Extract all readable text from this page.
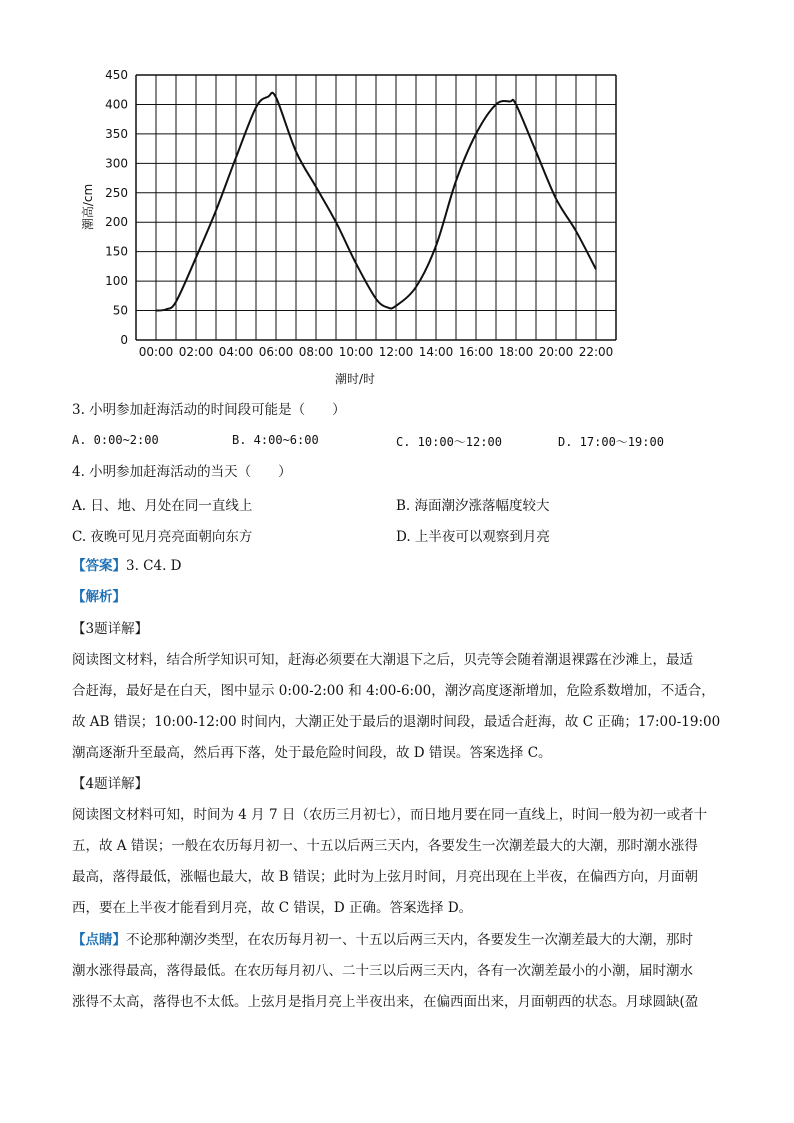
0
50
100
150
200
250
300
350
400
450
00:00 02:00 04:00 06:00 08:00 10:00 12:00 14:00 16:00 18:00 20:00 22:00
潮高/cm
潮时/时
3. 小明参加赶海活动的时间段可能是（　　）
A. 0:00~2:00	B. 4:00~6:00	C. 10:00～12:00	D. 17:00～19:00
4. 小明参加赶海活动的当天（　　）
A. 日、地、月处在同一直线上	B. 海面潮汐涨落幅度较大
C. 夜晚可见月亮亮面朝向东方	D. 上半夜可以观察到月亮
【答案】3. C4. D
【解析】
【3题详解】
阅读图文材料，结合所学知识可知，赶海必须要在大潮退下之后，贝壳等会随着潮退裸露在沙滩上，最适
合赶海，最好是在白天，图中显示 0:00-2:00 和 4:00-6:00，潮汐高度逐渐增加，危险系数增加，不适合，
故 AB 错误；10:00-12:00 时间内，大潮正处于最后的退潮时间段，最适合赶海，故 C 正确；17:00-19:00
潮高逐渐升至最高，然后再下落，处于最危险时间段，故 D 错误。答案选择 C。
【4题详解】
阅读图文材料可知，时间为 4 月 7 日（农历三月初七），而日地月要在同一直线上，时间一般为初一或者十
五，故 A 错误；一般在农历每月初一、十五以后两三天内，各要发生一次潮差最大的大潮，那时潮水涨得
最高，落得最低，涨幅也最大，故 B 错误；此时为上弦月时间，月亮出现在上半夜，在偏西方向，月面朝
西，要在上半夜才能看到月亮，故 C 错误，D 正确。答案选择 D。
【点睛】不论那种潮汐类型，在农历每月初一、十五以后两三天内，各要发生一次潮差最大的大潮，那时
潮水涨得最高，落得最低。在农历每月初八、二十三以后两三天内，各有一次潮差最小的小潮，届时潮水
涨得不太高，落得也不太低。上弦月是指月亮上半夜出来，在偏西面出来，月面朝西的状态。月球圆缺(盈
